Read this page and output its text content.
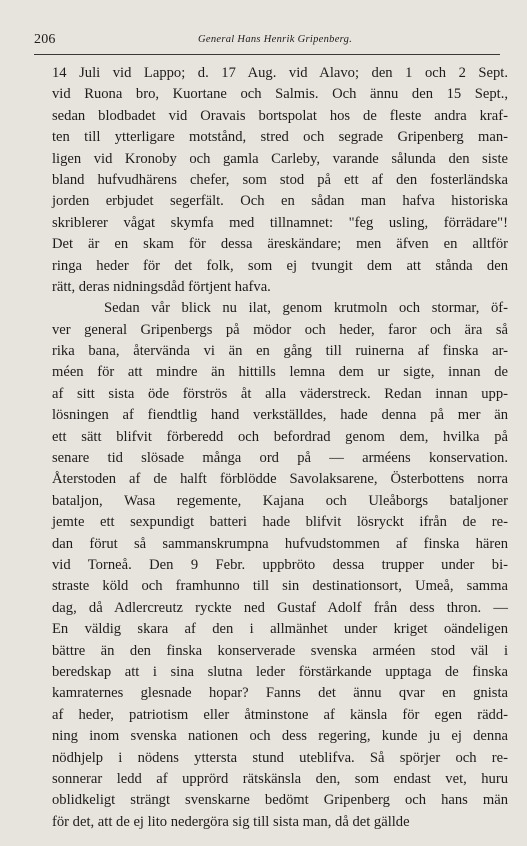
206	General Hans Henrik Gripenberg.
14 Juli vid Lappo; d. 17 Aug. vid Alavo; den 1 och 2 Sept.
vid Ruona bro, Kuortane och Salmis. Och ännu den 15 Sept.,
sedan blodbadet vid Oravais bortspolat hos de fleste andra kraf-
ten till ytterligare motstånd, stred och segrade Gripenberg man-
ligen vid Kronoby och gamla Carleby, varande sålunda den siste
bland hufvudhärens chefer, som stod på ett af den fosterländska
jorden erbjudet segerfält. Och en sådan man hafva historiska
skriblerer vågat skymfa med tillnamnet: "feg usling, förrädare"!
Det är en skam för dessa äreskändare; men äfven en alltför
ringa heder för det folk, som ej tvungit dem att stånda den
rätt, deras nidningsdåd förtjent hafva.
Sedan vår blick nu ilat, genom krutmoln och stormar, öf-
ver general Gripenbergs på mödor och heder, faror och ära så
rika bana, återvända vi än en gång till ruinerna af finska ar-
méen för att mindre än hittills lemna dem ur sigte, innan de
af sitt sista öde förströs åt alla väderstreck. Redan innan upp-
lösningen af fiendtlig hand verkställdes, hade denna på mer än
ett sätt blifvit förberedd och befordrad genom dem, hvilka på
senare tid slösade många ord på — arméens konservation.
Återstoden af de halft förblödde Savolaksarene, Österbottens norra
bataljon, Wasa regemente, Kajana och Uleåborgs bataljoner
jemte ett sexpundigt batteri hade blifvit lösryckt ifrån de re-
dan förut så sammanskrumpna hufvudstommen af finska hären
vid Torneå. Den 9 Febr. uppbröto dessa trupper under bi-
straste köld och framhunno till sin destinationsort, Umeå, samma
dag, då Adlercreutz ryckte ned Gustaf Adolf från dess thron. —
En väldig skara af den i allmänhet under kriget oändeligen
bättre än den finska konserverade svenska arméen stod väl i
beredskap att i sina slutna leder förstärkande upptaga de finska
kamraternes glesnade hopar? Fanns det ännu qvar en gnista
af heder, patriotism eller åtminstone af känsla för egen rädd-
ning inom svenska nationen och dess regering, kunde ju ej denna
nödhjelp i nödens yttersta stund uteblifva. Så spörjer och re-
sonnerar ledd af upprörd rätskänsla den, som endast vet, huru
oblidkeligt strängt svenskarne bedömt Gripenberg och hans män
för det, att de ej lito nedergöra sig till sista man, då det gällde
